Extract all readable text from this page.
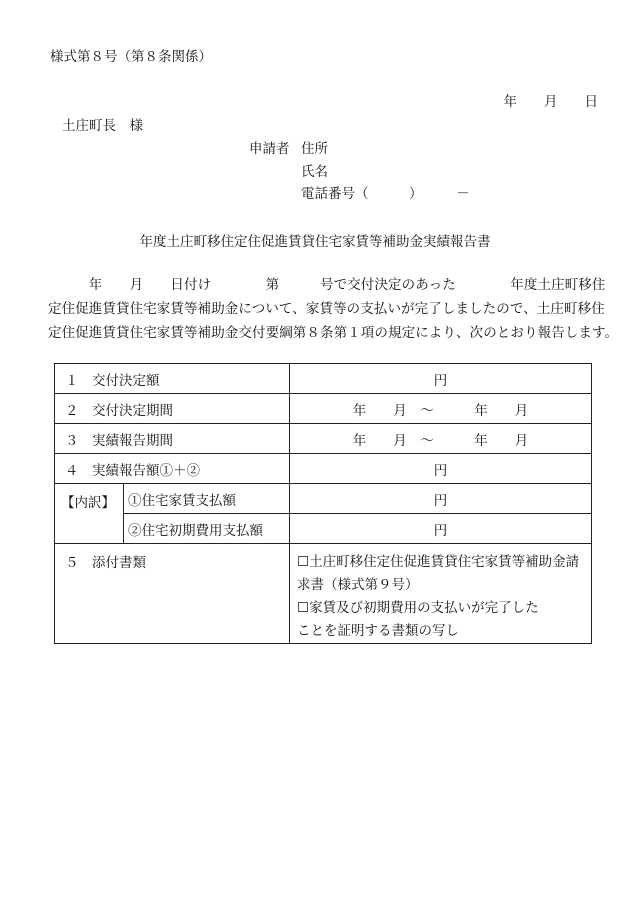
様式第８号（第８条関係）
年　　月　　日
土庄町長　様
申請者 住所
氏名
電話番号（　　　）　　　－
年度土庄町移住定住促進賃貸住宅家賃等補助金実績報告書
　　　年　　月　　日付け　　　　第　　　号で交付決定のあった　　　　年度土庄町移住
定住促進賃貸住宅家賃等補助金について、家賃等の支払いが完了しましたので、土庄町移住
定住促進賃貸住宅家賃等補助金交付要綱第８条第１項の規定により、次のとおり報告します。
１　交付決定額		円
２　交付決定期間		年　　月　～　　　年　　月
３　実績報告期間		年　　月　～　　　年　　月
４　実績報告額①＋②		円
【内訳】	①住宅家賃支払額	円
	②住宅初期費用支払額	円
５　添付書類		☐土庄町移住定住促進賃貸住宅家賃等補助金請
求書（様式第９号）
☐家賃及び初期費用の支払いが完了した
ことを証明する書類の写し
